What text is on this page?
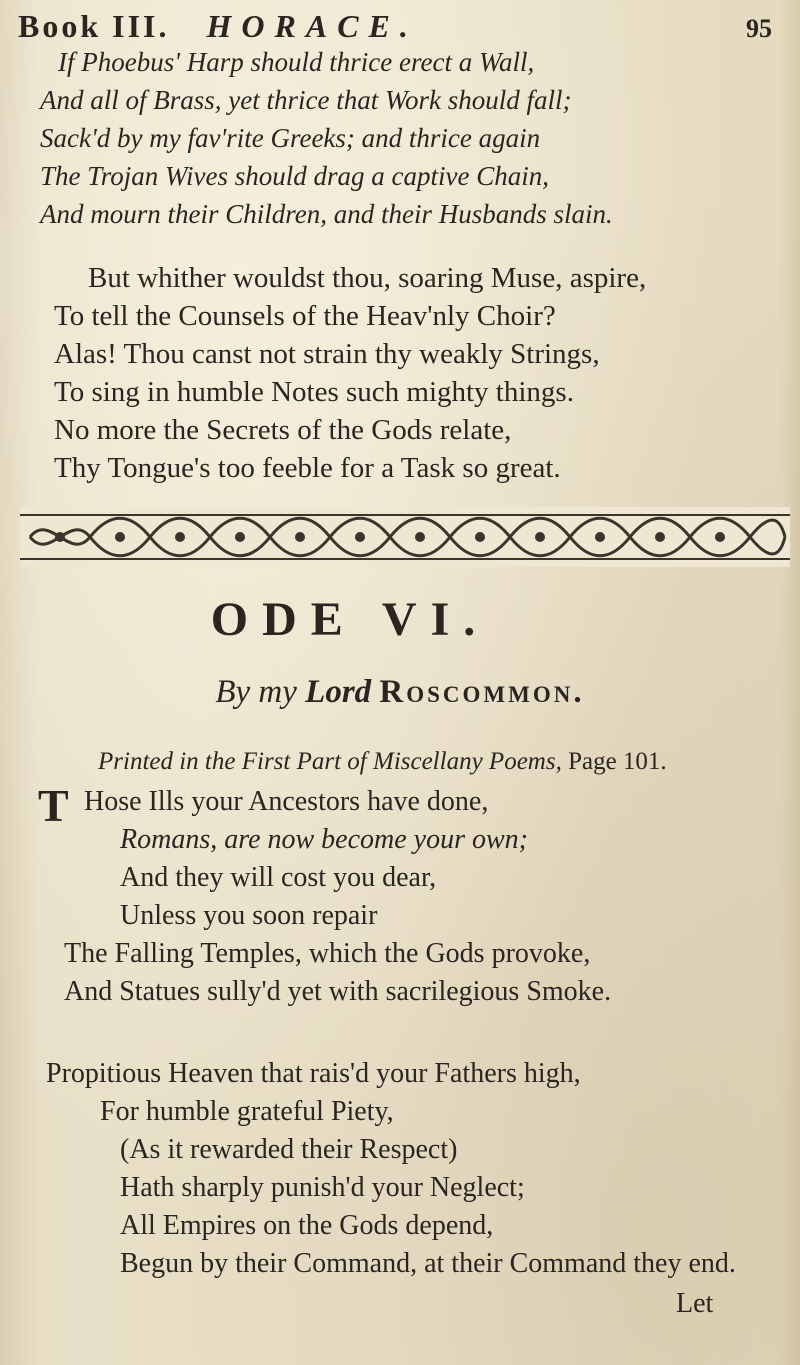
Book III. HORACE.	95
If Phoebus' Harp should thrice erect a Wall,
And all of Brass, yet thrice that Work should fall;
Sack'd by my fav'rite Greeks; and thrice again
The Trojan Wives should drag a captive Chain,
And mourn their Children, and their Husbands slain.
But whither wouldst thou, soaring Muse, aspire,
To tell the Counsels of the Heav'nly Choir?
Alas! Thou canst not strain thy weakly Strings,
To sing in humble Notes such mighty things.
No more the Secrets of the Gods relate,
Thy Tongue's too feeble for a Task so great.
ODE VI.
By my Lord Roscommon.
Printed in the First Part of Miscellany Poems, Page 101.
T Hose Ills your Ancestors have done,
Romans, are now become your own;
And they will cost you dear,
Unless you soon repair
The Falling Temples, which the Gods provoke,
And Statues sully'd yet with sacrilegious Smoke.
Propitious Heaven that rais'd your Fathers high,
For humble grateful Piety,
(As it rewarded their Respect)
Hath sharply punish'd your Neglect;
All Empires on the Gods depend,
Begun by their Command, at their Command they end.
Let
